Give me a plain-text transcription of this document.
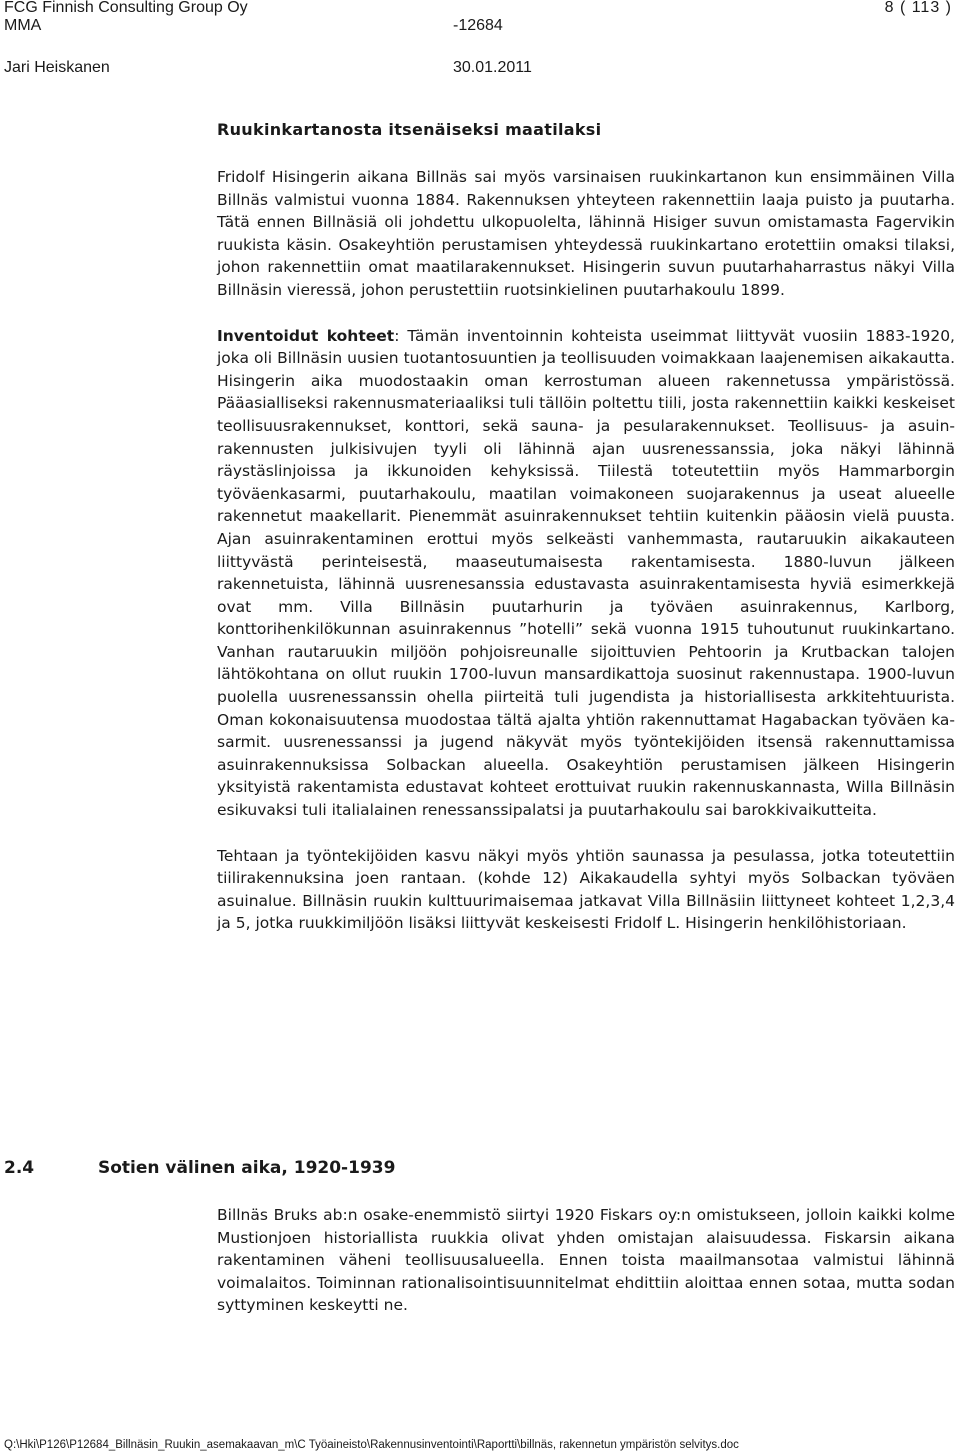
FCG Finnish Consulting Group Oy	8 ( 113 )
MMA	-12684
Jari Heiskanen	30.01.2011
Ruukinkartanosta itsenäiseksi maatilaksi

Fridolf Hisingerin aikana Billnäs sai myös varsinaisen ruukinkartanon kun ensimmäinen Villa Billnäs valmistui vuonna 1884. Rakennuksen yhteyteen rakennettiin laaja puisto ja puutarha. Tätä ennen Billnäsiä oli johdettu ulkopuolelta, lähinnä Hisiger suvun omistamasta Fagervikin ruukista käsin. Osakeyhtiön perustamisen yhteydessä ruukinkartano erotettiin omaksi tilaksi, johon rakennettiin omat maatilarakennukset. Hisingerin suvun puutarhaharrastus näkyi Villa Billnäsin vieressä, johon perustettiin ruotsinkielinen puutarhakoulu 1899.

Inventoidut kohteet: Tämän inventoinnin kohteista useimmat liittyvät vuosiin 1883-1920, joka oli Billnäsin uusien tuotantosuuntien ja teollisuuden voimakkaan laajenemisen aikakautta. Hisingerin aika muodostaakin oman kerrostuman alueen rakennetussa ympäristössä. Pääasialliseksi rakennusmateriaaliksi tuli tällöin poltettu tiili, josta rakennettiin kaikki keskeiset teollisuusrakennukset, konttori, sekä sauna- ja pesularakennukset. Teollisuus- ja asuinrakennusten julkisivujen tyyli oli lähinnä ajan uusrenessanssia, joka näkyi lähinnä räystäslinjoissa ja ikkunoiden kehyksissä. Tiilestä toteutettiin myös Hammarborgin työväenkasarmi, puutarhakoulu, maatilan voimakoneen suojarakennus ja useat alueelle rakennetut maakellarit. Pienemmät asuinrakennukset tehtiin kuitenkin pääosin vielä puusta. Ajan asuinrakentaminen erottui myös selkeästi vanhemmasta, rautaruukin aikakauteen liittyvästä perinteisestä, maaseutumaisesta rakentamisesta. 1880-luvun jälkeen rakennetuista, lähinnä uusrenesanssia edustavasta asuinrakentamisesta hyviä esimerkkejä ovat mm. Villa Billnäsin puutarhurin ja työväen asuinrakennus, Karlborg, konttorihenkilökunnan asuinrakennus ”hotelli” sekä vuonna 1915 tuhoutunut ruukinkartano. Vanhan rautaruukin miljöön pohjoisreunalle sijoittuvien Pehtoorin ja Krutbackan talojen lähtökohtana on ollut ruukin 1700-luvun mansardikattoja suosinut rakennustapa. 1900-luvun puolella uusrenessanssin ohella piirteitä tuli jugendista ja historiallisesta arkkitehtuurista. Oman kokonaisuutensa muodostaa tältä ajalta yhtiön rakennuttamat Hagabackan työväen kasarmit. uusrenessanssi ja jugend näkyvät myös työntekijöiden itsensä rakennuttamissa asuinrakennuksissa Solbackan alueella. Osakeyhtiön perustamisen jälkeen Hisingerin yksityistä rakentamista edustavat kohteet erottuivat ruukin rakennuskannasta, Willa Billnäsin esikuvaksi tuli italialainen renessanssipalatsi ja puutarhakoulu sai barokkivaikutteita.

Tehtaan ja työntekijöiden kasvu näkyi myös yhtiön saunassa ja pesulassa, jotka toteutettiin tiilirakennuksina joen rantaan. (kohde 12) Aikakaudella syhtyi myös Solbackan työväen asuinalue. Billnäsin ruukin kulttuurimaisemaa jatkavat Villa Billnäsiin liittyneet kohteet 1,2,3,4 ja 5, jotka ruukkimiljöön lisäksi liittyvät keskeisesti Fridolf L. Hisingerin henkilöhistoriaan.

2.4	Sotien välinen aika, 1920-1939

Billnäs Bruks ab:n osake-enemmistö siirtyi 1920 Fiskars oy:n omistukseen, jolloin kaikki kolme Mustionjoen historiallista ruukkia olivat yhden omistajan alaisuudessa. Fiskarsin aikana rakentaminen väheni teollisuusalueella. Ennen toista maailmansotaa valmistui lähinnä voimalaitos. Toiminnan rationalisointisuunnitelmat ehdittiin aloittaa ennen sotaa, mutta sodan syttyminen keskeytti ne.

Q:\Hki\P126\P12684_Billnäsin_Ruukin_asemakaavan_m\C Työaineisto\Rakennusinventointi\Raportti\billnäs, rakennetun ympäristön selvitys.doc
